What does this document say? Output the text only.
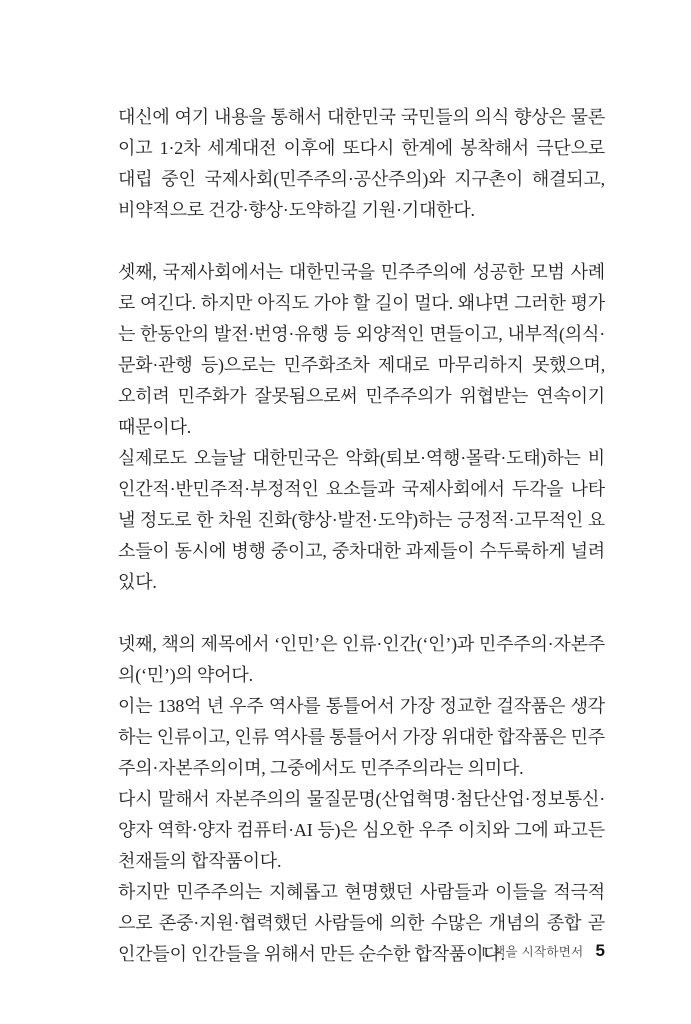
대신에 여기 내용을 통해서 대한민국 국민들의 의식 향상은 물론이고 1·2차 세계대전 이후에 또다시 한계에 봉착해서 극단으로 대립 중인 국제사회(민주주의·공산주의)와 지구촌이 해결되고, 비약적으로 건강·향상·도약하길 기원·기대한다.

셋째, 국제사회에서는 대한민국을 민주주의에 성공한 모범 사례로 여긴다. 하지만 아직도 가야 할 길이 멀다. 왜냐면 그러한 평가는 한동안의 발전·번영·유행 등 외양적인 면들이고, 내부적(의식·문화·관행 등)으로는 민주화조차 제대로 마무리하지 못했으며, 오히려 민주화가 잘못됨으로써 민주주의가 위협받는 연속이기 때문이다.

실제로도 오늘날 대한민국은 악화(퇴보·역행·몰락·도태)하는 비인간적·반민주적·부정적인 요소들과 국제사회에서 두각을 나타낼 정도로 한 차원 진화(향상·발전·도약)하는 긍정적·고무적인 요소들이 동시에 병행 중이고, 중차대한 과제들이 수두룩하게 널려 있다.

넷째, 책의 제목에서 ‘인민’은 인류·인간(‘인’)과 민주주의·자본주의(‘민’)의 약어다.

이는 138억 년 우주 역사를 통틀어서 가장 정교한 걸작품은 생각하는 인류이고, 인류 역사를 통틀어서 가장 위대한 합작품은 민주주의·자본주의이며, 그중에서도 민주주의라는 의미다.

다시 말해서 자본주의의 물질문명(산업혁명·첨단산업·정보통신·양자 역학·양자 컴퓨터·AI 등)은 심오한 우주 이치와 그에 파고든 천재들의 합작품이다.

하지만 민주주의는 지혜롭고 현명했던 사람들과 이들을 적극적으로 존중·지원·협력했던 사람들에 의한 수많은 개념의 종합 곧 인간들이 인간들을 위해서 만든 순수한 합작품이다.

Ⅰ. 책을 시작하면서 5
